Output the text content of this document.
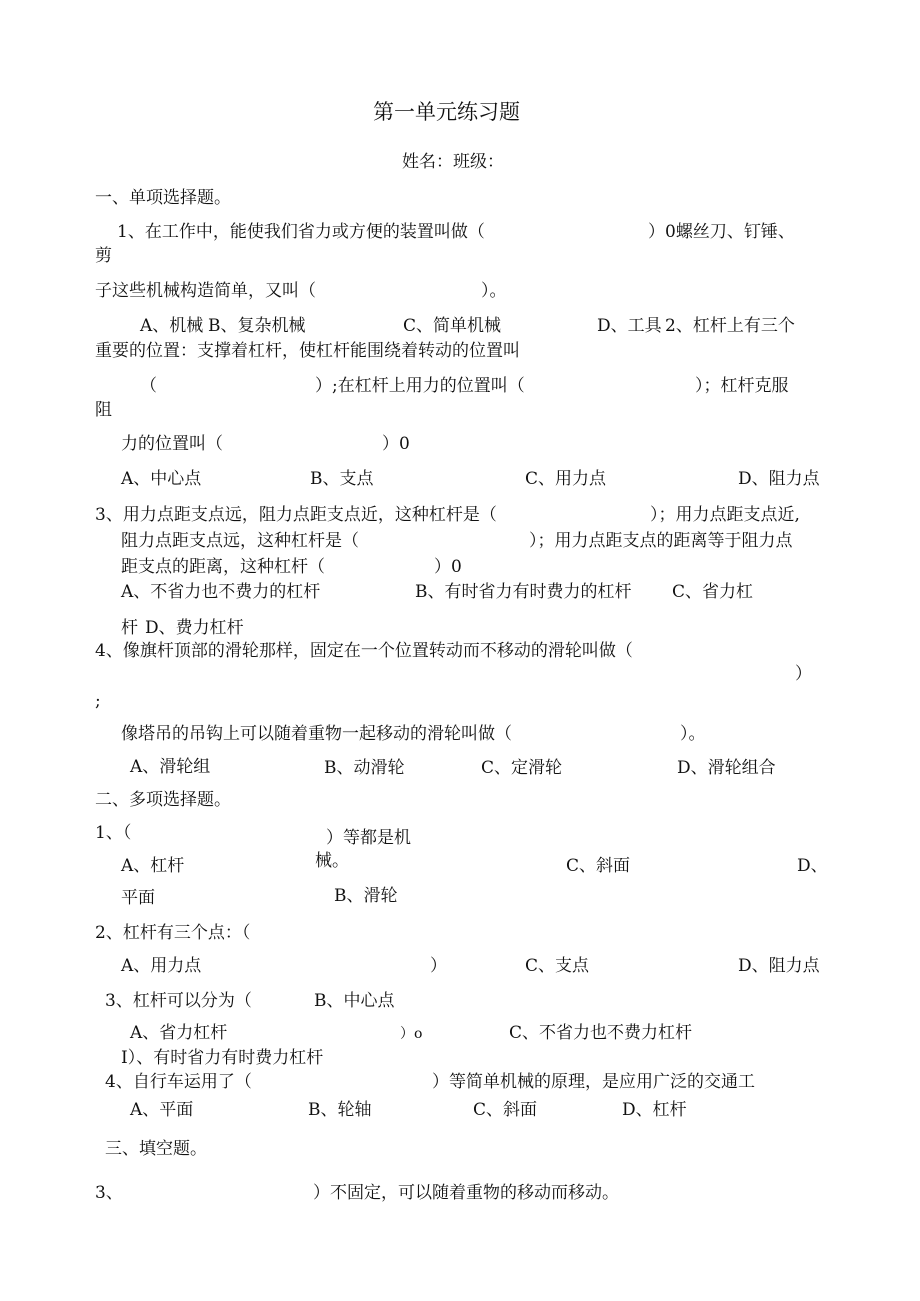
第一单元练习题
姓名：班级：
一、单项选择题。
1、在工作中，能使我们省力或方便的装置叫做（	）0螺丝刀、钉锤、
剪
子这些机械构造简单，又叫（	）。
A、机械 B、复杂机械	C、简单机械	D、工具 2、杠杆上有三个
重要的位置：支撑着杠杆，使杠杆能围绕着转动的位置叫
（	）;在杠杆上用力的位置叫（	）；杠杆克服
阻
力的位置叫（	）0
A、中心点	B、支点	C、用力点	D、阻力点
3、用力点距支点远，阻力点距支点近，这种杠杆是（	）；用力点距支点近,
阻力点距支点远，这种杠杆是（	）；用力点距支点的距离等于阻力点
距支点的距离，这种杠杆（	）0
A、不省力也不费力的杠杆	B、有时省力有时费力的杠杆 C、省力杠
杆 D、费力杠杆
4、像旗杆顶部的滑轮那样，固定在一个位置转动而不移动的滑轮叫做（
）
;
像塔吊的吊钩上可以随着重物一起移动的滑轮叫做（	）。
A、滑轮组	B、动滑轮	C、定滑轮	D、滑轮组合
二、多项选择题。
1、（	）等都是机
械。
A、杠杆	C、斜面	D、
平面	B、滑轮
2、杠杆有三个点：（
A、用力点	）	C、支点	D、阻力点
3、杠杆可以分为（	B、中心点
A、省力杠杆	）o	C、不省力也不费力杠杆
I）、有时省力有时费力杠杆
4、自行车运用了（	）等简单机械的原理，是应用广泛的交通工
A、平面	B、轮轴	C、斜面	D、杠杆
三、填空题。
3、	）不固定，可以随着重物的移动而移动。
